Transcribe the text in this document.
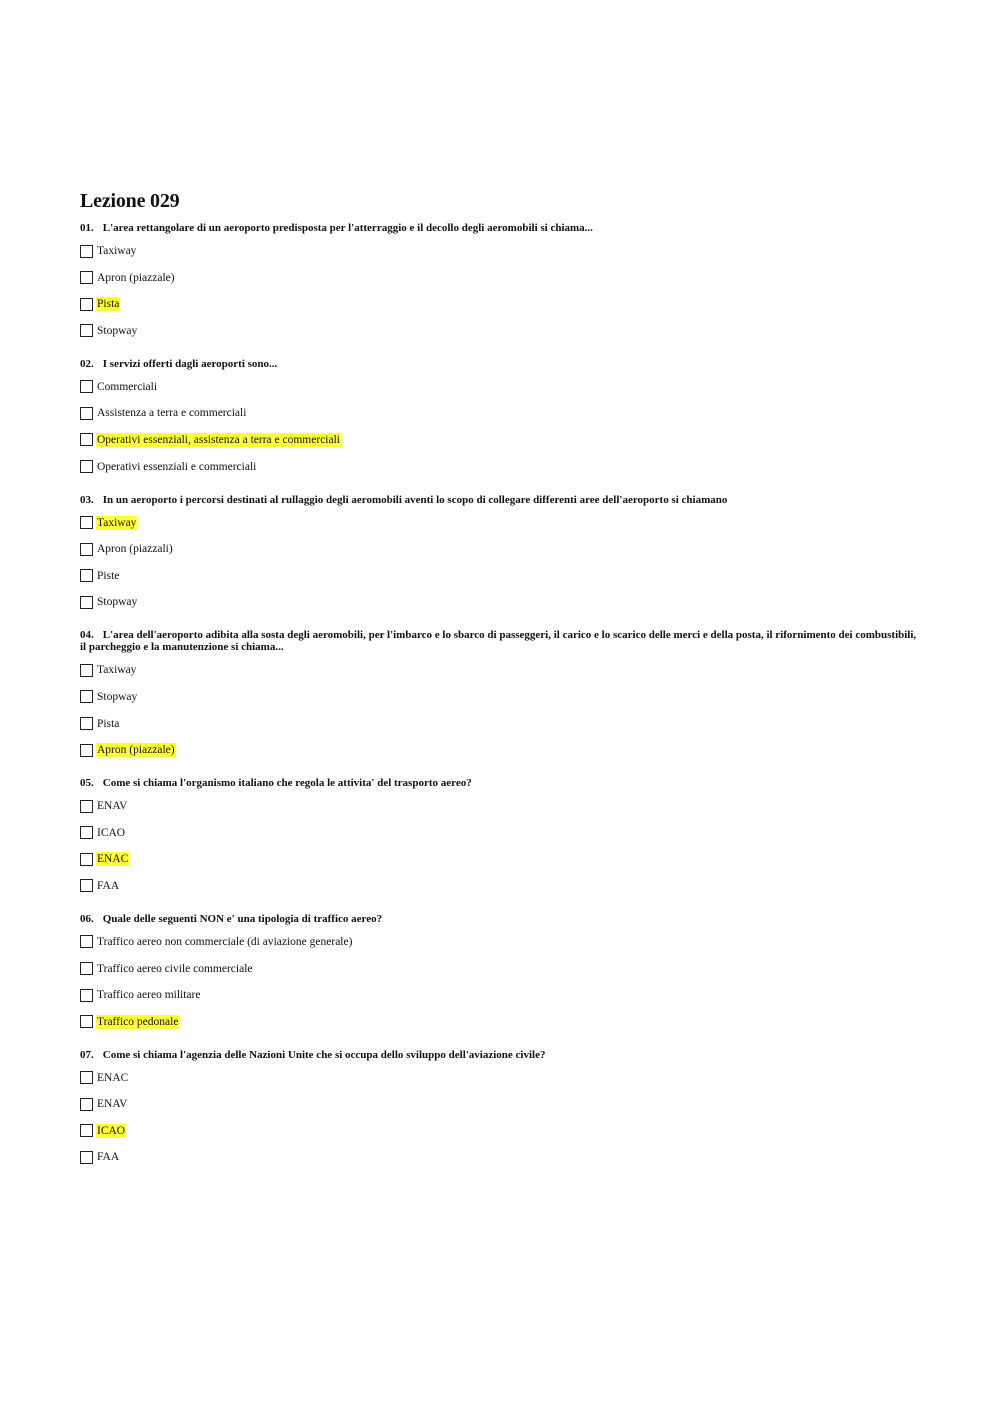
Lezione 029
01. L'area rettangolare di un aeroporto predisposta per l'atterraggio e il decollo degli aeromobili si chiama...
Taxiway
Apron (piazzale)
Pista
Stopway
02. I servizi offerti dagli aeroporti sono...
Commerciali
Assistenza a terra e commerciali
Operativi essenziali, assistenza a terra e commerciali
Operativi essenziali e commerciali
03. In un aeroporto i percorsi destinati al rullaggio degli aeromobili aventi lo scopo di collegare differenti aree dell'aeroporto si chiamano
Taxiway
Apron (piazzali)
Piste
Stopway
04. L'area dell'aeroporto adibita alla sosta degli aeromobili, per l'imbarco e lo sbarco di passeggeri, il carico e lo scarico delle merci e della posta, il rifornimento dei combustibili, il parcheggio e la manutenzione si chiama...
Taxiway
Stopway
Pista
Apron (piazzale)
05. Come si chiama l'organismo italiano che regola le attivita' del trasporto aereo?
ENAV
ICAO
ENAC
FAA
06. Quale delle seguenti NON e' una tipologia di traffico aereo?
Traffico aereo non commerciale (di aviazione generale)
Traffico aereo civile commerciale
Traffico aereo militare
Traffico pedonale
07. Come si chiama l'agenzia delle Nazioni Unite che si occupa dello sviluppo dell'aviazione civile?
ENAC
ENAV
ICAO
FAA
